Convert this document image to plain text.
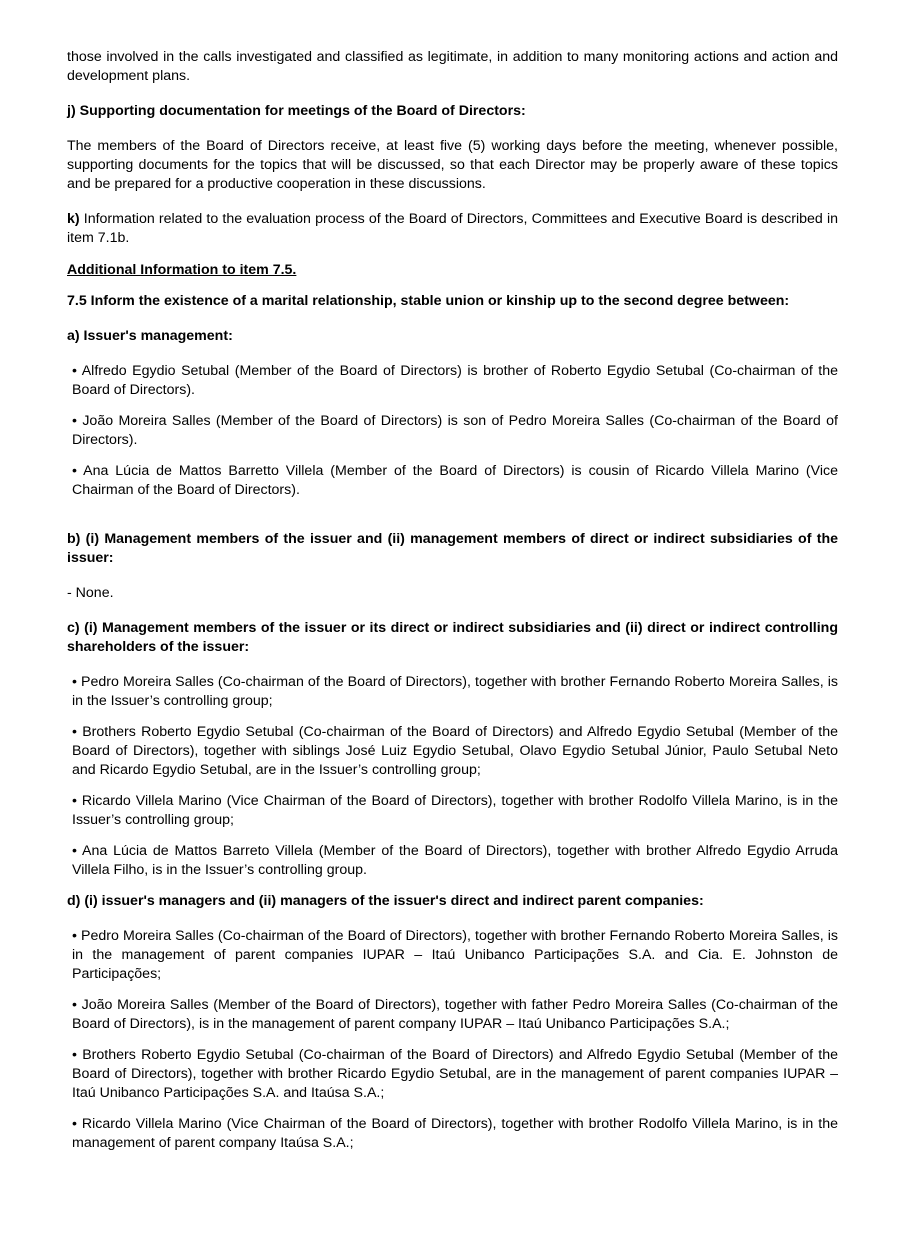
those involved in the calls investigated and classified as legitimate, in addition to many monitoring actions and action and development plans.

j) Supporting documentation for meetings of the Board of Directors:

The members of the Board of Directors receive, at least five (5) working days before the meeting, whenever possible, supporting documents for the topics that will be discussed, so that each Director may be properly aware of these topics and be prepared for a productive cooperation in these discussions.

k) Information related to the evaluation process of the Board of Directors, Committees and Executive Board is described in item 7.1b.

Additional Information to item 7.5.

7.5 Inform the existence of a marital relationship, stable union or kinship up to the second degree between:

a) Issuer's management:

• Alfredo Egydio Setubal (Member of the Board of Directors) is brother of Roberto Egydio Setubal (Co-chairman of the Board of Directors).

• João Moreira Salles (Member of the Board of Directors) is son of Pedro Moreira Salles (Co-chairman of the Board of Directors).

• Ana Lúcia de Mattos Barretto Villela (Member of the Board of Directors) is cousin of Ricardo Villela Marino (Vice Chairman of the Board of Directors).

b) (i) Management members of the issuer and (ii) management members of direct or indirect subsidiaries of the issuer:

- None.

c) (i) Management members of the issuer or its direct or indirect subsidiaries and (ii) direct or indirect controlling shareholders of the issuer:

• Pedro Moreira Salles (Co-chairman of the Board of Directors), together with brother Fernando Roberto Moreira Salles, is in the Issuer’s controlling group;

• Brothers Roberto Egydio Setubal (Co-chairman of the Board of Directors) and Alfredo Egydio Setubal (Member of the Board of Directors), together with siblings José Luiz Egydio Setubal, Olavo Egydio Setubal Júnior, Paulo Setubal Neto and Ricardo Egydio Setubal, are in the Issuer’s controlling group;

• Ricardo Villela Marino (Vice Chairman of the Board of Directors), together with brother Rodolfo Villela Marino, is in the Issuer’s controlling group;

• Ana Lúcia de Mattos Barreto Villela (Member of the Board of Directors), together with brother Alfredo Egydio Arruda Villela Filho, is in the Issuer’s controlling group.

d) (i) issuer's managers and (ii) managers of the issuer's direct and indirect parent companies:

• Pedro Moreira Salles (Co-chairman of the Board of Directors), together with brother Fernando Roberto Moreira Salles, is in the management of parent companies IUPAR – Itaú Unibanco Participações S.A. and Cia. E. Johnston de Participações;

• João Moreira Salles (Member of the Board of Directors), together with father Pedro Moreira Salles (Co-chairman of the Board of Directors), is in the management of parent company IUPAR – Itaú Unibanco Participações S.A.;

• Brothers Roberto Egydio Setubal (Co-chairman of the Board of Directors) and Alfredo Egydio Setubal (Member of the Board of Directors), together with brother Ricardo Egydio Setubal, are in the management of parent companies IUPAR – Itaú Unibanco Participações S.A. and Itaúsa S.A.;

• Ricardo Villela Marino (Vice Chairman of the Board of Directors), together with brother Rodolfo Villela Marino, is in the management of parent company Itaúsa S.A.;
